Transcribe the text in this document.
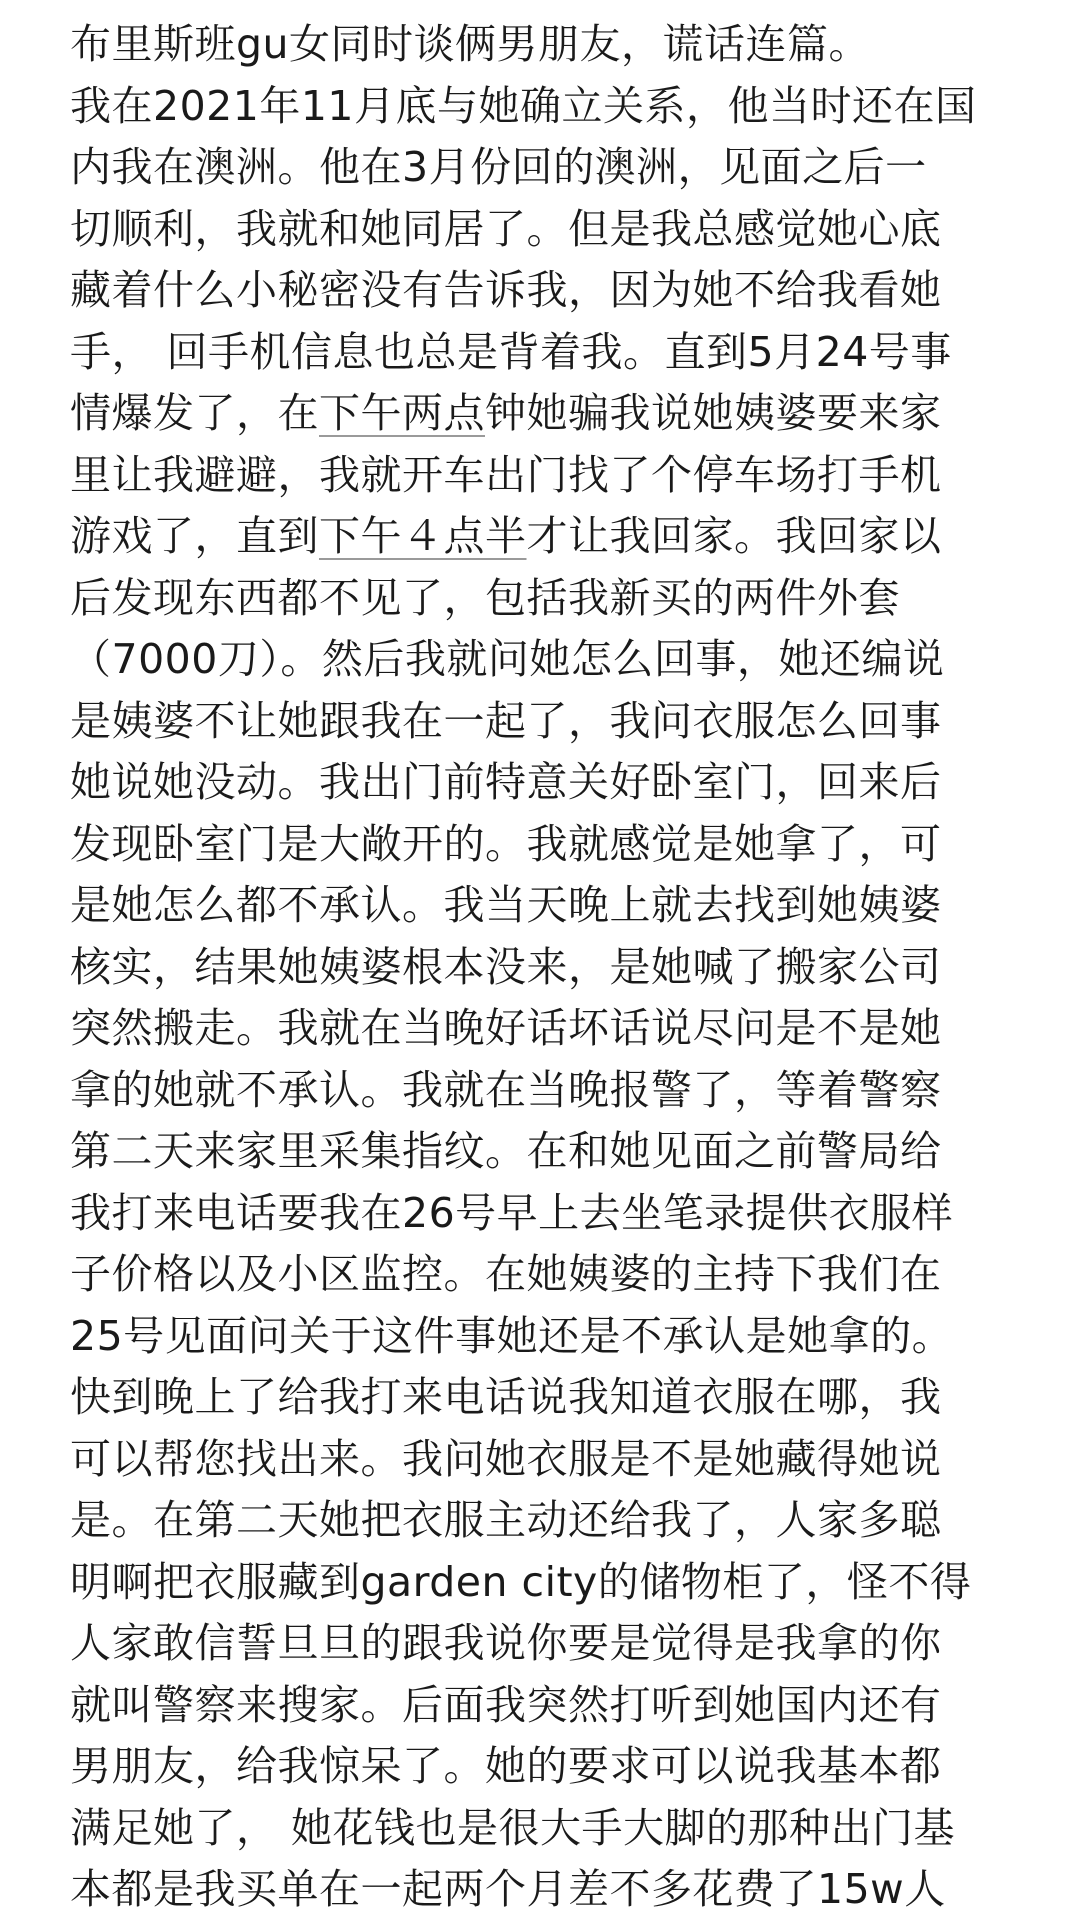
布里斯班gu女同时谈俩男朋友，谎话连篇。
我在2021年11月底与她确立关系，他当时还在国
内我在澳洲。他在3月份回的澳洲，见面之后一
切顺利，我就和她同居了。但是我总感觉她心底
藏着什么小秘密没有告诉我，因为她不给我看她
手， 回手机信息也总是背着我。直到5月24号事
情爆发了，在下午两点钟她骗我说她姨婆要来家
里让我避避，我就开车出门找了个停车场打手机
游戏了，直到下午４点半才让我回家。我回家以
后发现东西都不见了，包括我新买的两件外套
（7000刀）。然后我就问她怎么回事，她还编说
是姨婆不让她跟我在一起了，我问衣服怎么回事
她说她没动。我出门前特意关好卧室门，回来后
发现卧室门是大敞开的。我就感觉是她拿了，可
是她怎么都不承认。我当天晚上就去找到她姨婆
核实，结果她姨婆根本没来，是她喊了搬家公司
突然搬走。我就在当晚好话坏话说尽问是不是她
拿的她就不承认。我就在当晚报警了，等着警察
第二天来家里采集指纹。在和她见面之前警局给
我打来电话要我在26号早上去坐笔录提供衣服样
子价格以及小区监控。在她姨婆的主持下我们在
25号见面问关于这件事她还是不承认是她拿的。
快到晚上了给我打来电话说我知道衣服在哪，我
可以帮您找出来。我问她衣服是不是她藏得她说
是。在第二天她把衣服主动还给我了，人家多聪
明啊把衣服藏到garden city的储物柜了，怪不得
人家敢信誓旦旦的跟我说你要是觉得是我拿的你
就叫警察来搜家。后面我突然打听到她国内还有
男朋友，给我惊呆了。她的要求可以说我基本都
满足她了， 她花钱也是很大手大脚的那种出门基
本都是我买单在一起两个月差不多花费了15w人
